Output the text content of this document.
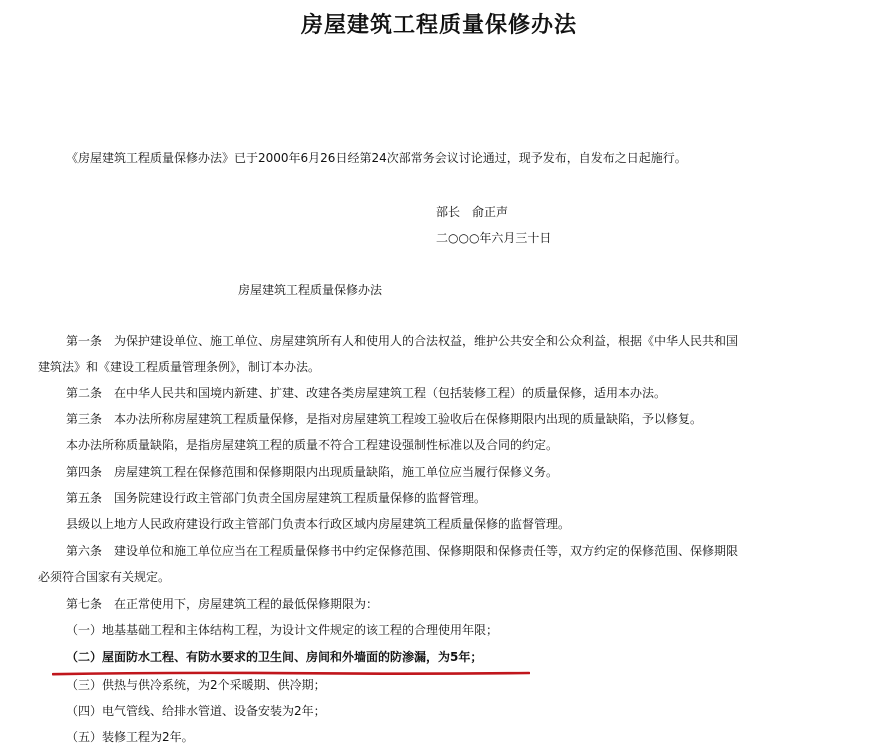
房屋建筑工程质量保修办法
《房屋建筑工程质量保修办法》已于2000年6月26日经第24次部常务会议讨论通过，现予发布，自发布之日起施行。
部长　俞正声
二○○○年六月三十日
房屋建筑工程质量保修办法
第一条　为保护建设单位、施工单位、房屋建筑所有人和使用人的合法权益，维护公共安全和公众利益，根据《中华人民共和国
建筑法》和《建设工程质量管理条例》，制订本办法。
第二条　在中华人民共和国境内新建、扩建、改建各类房屋建筑工程（包括装修工程）的质量保修，适用本办法。
第三条　本办法所称房屋建筑工程质量保修，是指对房屋建筑工程竣工验收后在保修期限内出现的质量缺陷，予以修复。
本办法所称质量缺陷，是指房屋建筑工程的质量不符合工程建设强制性标准以及合同的约定。
第四条　房屋建筑工程在保修范围和保修期限内出现质量缺陷，施工单位应当履行保修义务。
第五条　国务院建设行政主管部门负责全国房屋建筑工程质量保修的监督管理。
县级以上地方人民政府建设行政主管部门负责本行政区域内房屋建筑工程质量保修的监督管理。
第六条　建设单位和施工单位应当在工程质量保修书中约定保修范围、保修期限和保修责任等，双方约定的保修范围、保修期限
必须符合国家有关规定。
第七条　在正常使用下，房屋建筑工程的最低保修期限为：
（一）地基基础工程和主体结构工程，为设计文件规定的该工程的合理使用年限；
（二）屋面防水工程、有防水要求的卫生间、房间和外墙面的防渗漏，为5年；
（三）供热与供冷系统，为2个采暖期、供冷期；
（四）电气管线、给排水管道、设备安装为2年；
（五）装修工程为2年。
